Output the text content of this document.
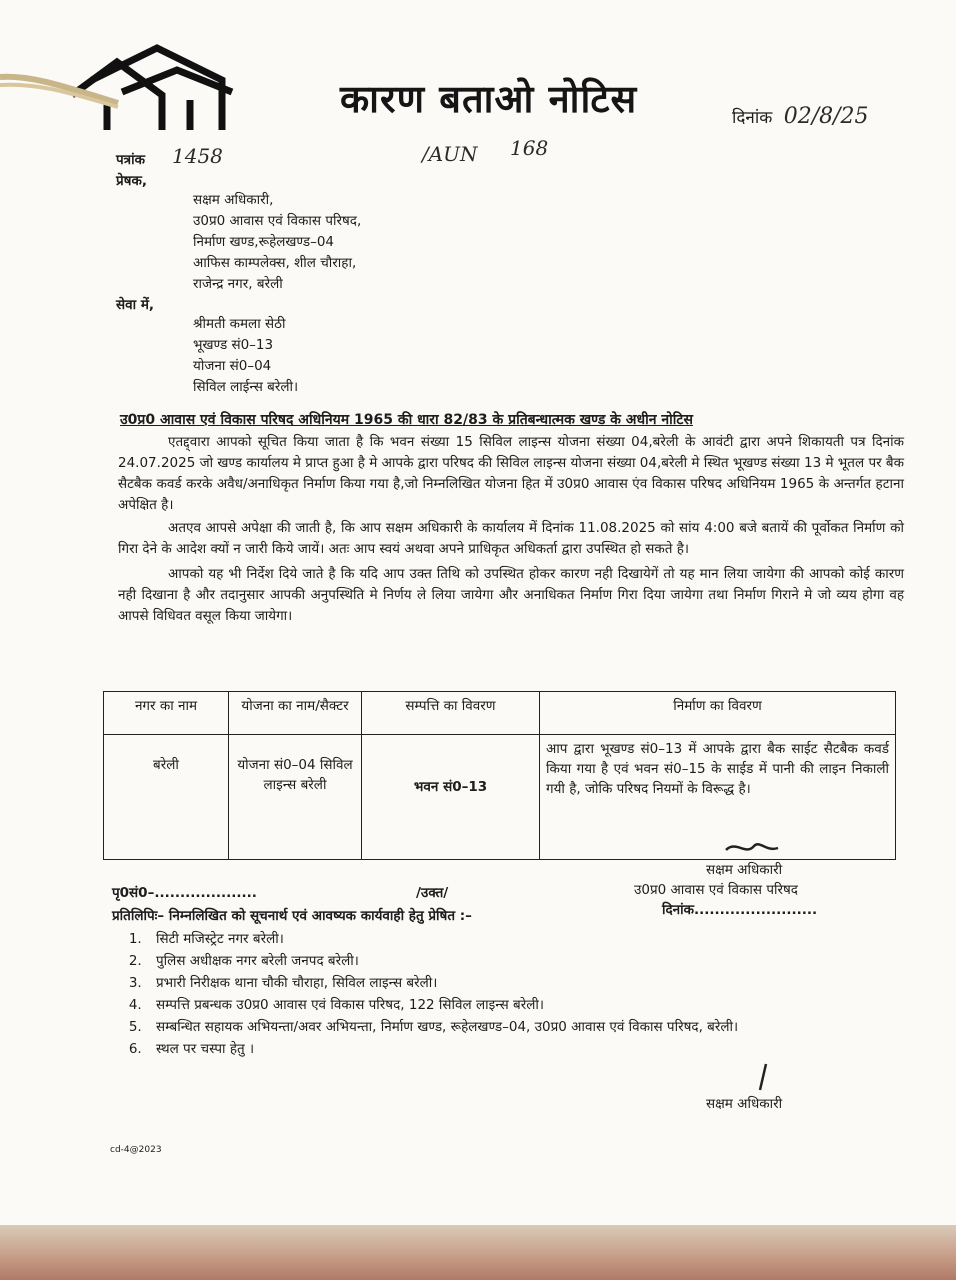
कारण बताओ नोटिस	दिनांक 02/8/25
पत्रांक 1458	/AUN 168
प्रेषक,
सक्षम अधिकारी,
उ0प्र0 आवास एवं विकास परिषद,
निर्माण खण्ड,रूहेलखण्ड–04
आफिस काम्पलेक्स, शील चौराहा,
राजेन्द्र नगर, बरेली
सेवा में,
श्रीमती कमला सेठी
भूखण्ड सं0–13
योजना सं0–04
सिविल लाईन्स बरेली।
उ0प्र0 आवास एवं विकास परिषद अधिनियम 1965 की धारा 82/83 के प्रतिबन्धात्मक खण्ड के अधीन नोटिस

एतद्द्वारा आपको सूचित किया जाता है कि भवन संख्या 15 सिविल लाइन्स योजना संख्या 04,बरेली के आवंटी द्वारा अपने शिकायती पत्र दिनांक 24.07.2025 जो खण्ड कार्यालय मे प्राप्त हुआ है मे आपके द्वारा परिषद की सिविल लाइन्स योजना संख्या 04,बरेली मे स्थित भूखण्ड संख्या 13 मे भूतल पर बैक सैटबैक कवर्ड करके अवैध/अनाधिकृत निर्माण किया गया है,जो निम्नलिखित योजना हित में उ0प्र0 आवास एंव विकास परिषद अधिनियम 1965 के अन्तर्गत हटाना अपेक्षित है।

अतएव आपसे अपेक्षा की जाती है, कि आप सक्षम अधिकारी के कार्यालय में दिनांक 11.08.2025 को सांय 4:00 बजे बतायें की पूर्वोकत निर्माण को गिरा देने के आदेश क्यों न जारी किये जायें। अतः आप स्वयं अथवा अपने प्राधिकृत अधिकर्ता द्वारा उपस्थित हो सकते है।

आपको यह भी निर्देश दिये जाते है कि यदि आप उक्त तिथि को उपस्थित होकर कारण नही दिखायेगें तो यह मान लिया जायेगा की आपको कोई कारण नही दिखाना है और तदानुसार आपकी अनुपस्थिति मे निर्णय ले लिया जायेगा और अनाधिकत निर्माण गिरा दिया जायेगा तथा निर्माण गिराने मे जो व्यय होगा वह आपसे विधिवत वसूल किया जायेगा।

नगर का नाम	योजना का नाम/सैक्टर	सम्पत्ति का विवरण	निर्माण का विवरण
बरेली	योजना सं0–04 सिविल लाइन्स बरेली	भवन सं0–13	आप द्वारा भूखण्ड सं0–13 में आपके द्वारा बैक साईट सैटबैक कवर्ड किया गया है एवं भवन सं0–15 के साईड में पानी की लाइन निकाली गयी है, जोकि परिषद नियमों के विरूद्ध है।
सक्षम अधिकारी
उ0प्र0 आवास एवं विकास परिषद
पृ0सं0–....................	/उक्त/
दिनांक........................
प्रतिलिपिः– निम्नलिखित को सूचनार्थ एवं आवष्यक कार्यवाही हेतु प्रेषित :–
1. सिटी मजिस्ट्रेट नगर बरेली।
2. पुलिस अधीक्षक नगर बरेली जनपद बरेली।
3. प्रभारी निरीक्षक थाना चौकी चौराहा, सिविल लाइन्स बरेली।
4. सम्पत्ति प्रबन्धक उ0प्र0 आवास एवं विकास परिषद, 122 सिविल लाइन्स बरेली।
5. सम्बन्धित सहायक अभियन्ता/अवर अभियन्ता, निर्माण खण्ड, रूहेलखण्ड–04, उ0प्र0 आवास एवं विकास परिषद, बरेली।
6. स्थल पर चस्पा हेतु ।
सक्षम अधिकारी
cd-4@2023
